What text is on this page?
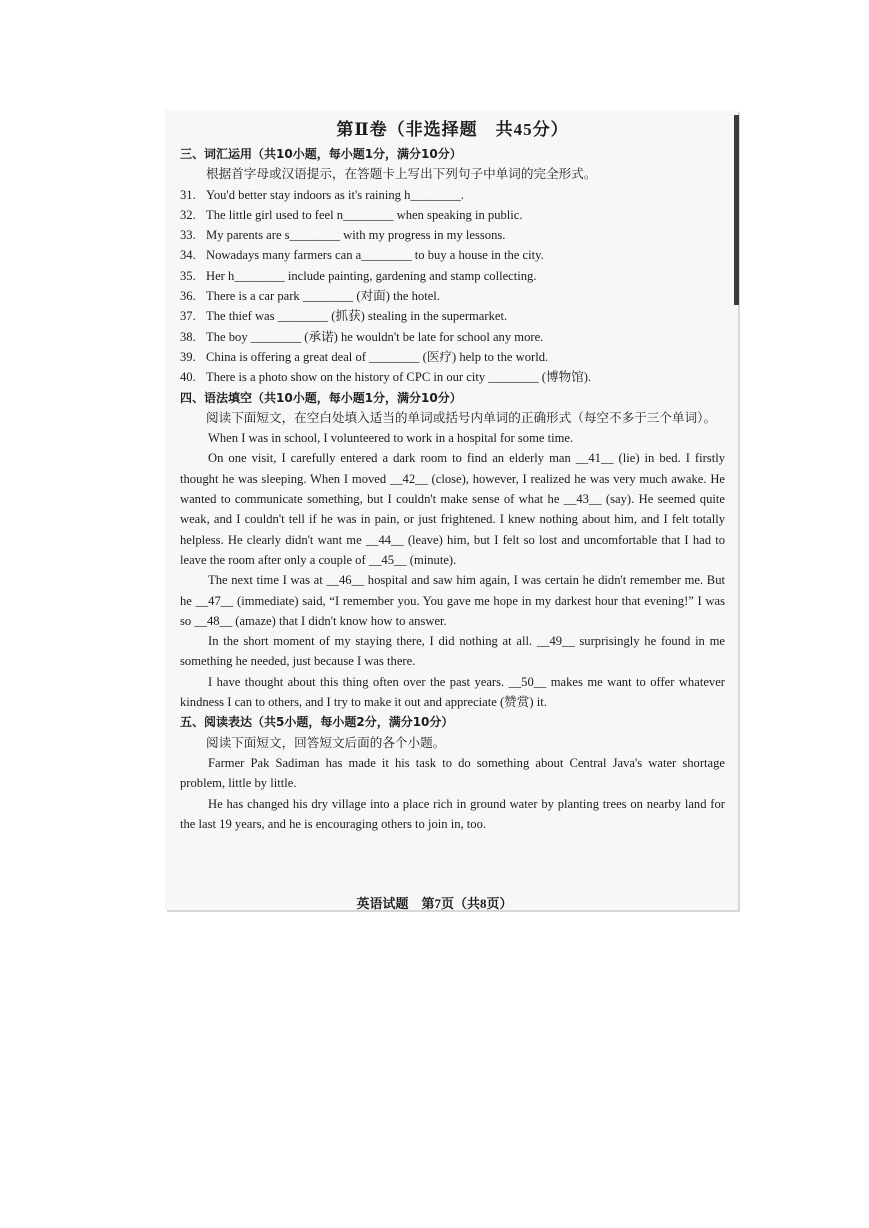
第Ⅱ卷（非选择题　共45分）
三、词汇运用（共10小题，每小题1分，满分10分）
根据首字母或汉语提示，在答题卡上写出下列句子中单词的完全形式。
31. You'd better stay indoors as it's raining h________.
32. The little girl used to feel n________ when speaking in public.
33. My parents are s________ with my progress in my lessons.
34. Nowadays many farmers can a________ to buy a house in the city.
35. Her h________ include painting, gardening and stamp collecting.
36. There is a car park ________ (对面) the hotel.
37. The thief was ________ (抓获) stealing in the supermarket.
38. The boy ________ (承诺) he wouldn't be late for school any more.
39. China is offering a great deal of ________ (医疗) help to the world.
40. There is a photo show on the history of CPC in our city ________ (博物馆).
四、语法填空（共10小题，每小题1分，满分10分）
阅读下面短文，在空白处填入适当的单词或括号内单词的正确形式（每空不多于三个单词）。

When I was in school, I volunteered to work in a hospital for some time.

On one visit, I carefully entered a dark room to find an elderly man __41__ (lie) in bed. I firstly thought he was sleeping. When I moved __42__ (close), however, I realized he was very much awake. He wanted to communicate something, but I couldn't make sense of what he __43__ (say). He seemed quite weak, and I couldn't tell if he was in pain, or just frightened. I knew nothing about him, and I felt totally helpless. He clearly didn't want me __44__ (leave) him, but I felt so lost and uncomfortable that I had to leave the room after only a couple of __45__ (minute).

The next time I was at __46__ hospital and saw him again, I was certain he didn't remember me. But he __47__ (immediate) said, “I remember you. You gave me hope in my darkest hour that evening!” I was so __48__ (amaze) that I didn't know how to answer.

In the short moment of my staying there, I did nothing at all. __49__ surprisingly he found in me something he needed, just because I was there.

I have thought about this thing often over the past years. __50__ makes me want to offer whatever kindness I can to others, and I try to make it out and appreciate (赞赏) it.

五、阅读表达（共5小题，每小题2分，满分10分）
阅读下面短文，回答短文后面的各个小题。

Farmer Pak Sadiman has made it his task to do something about Central Java's water shortage problem, little by little.

He has changed his dry village into a place rich in ground water by planting trees on nearby land for the last 19 years, and he is encouraging others to join in, too.

英语试题　第7页（共8页）
